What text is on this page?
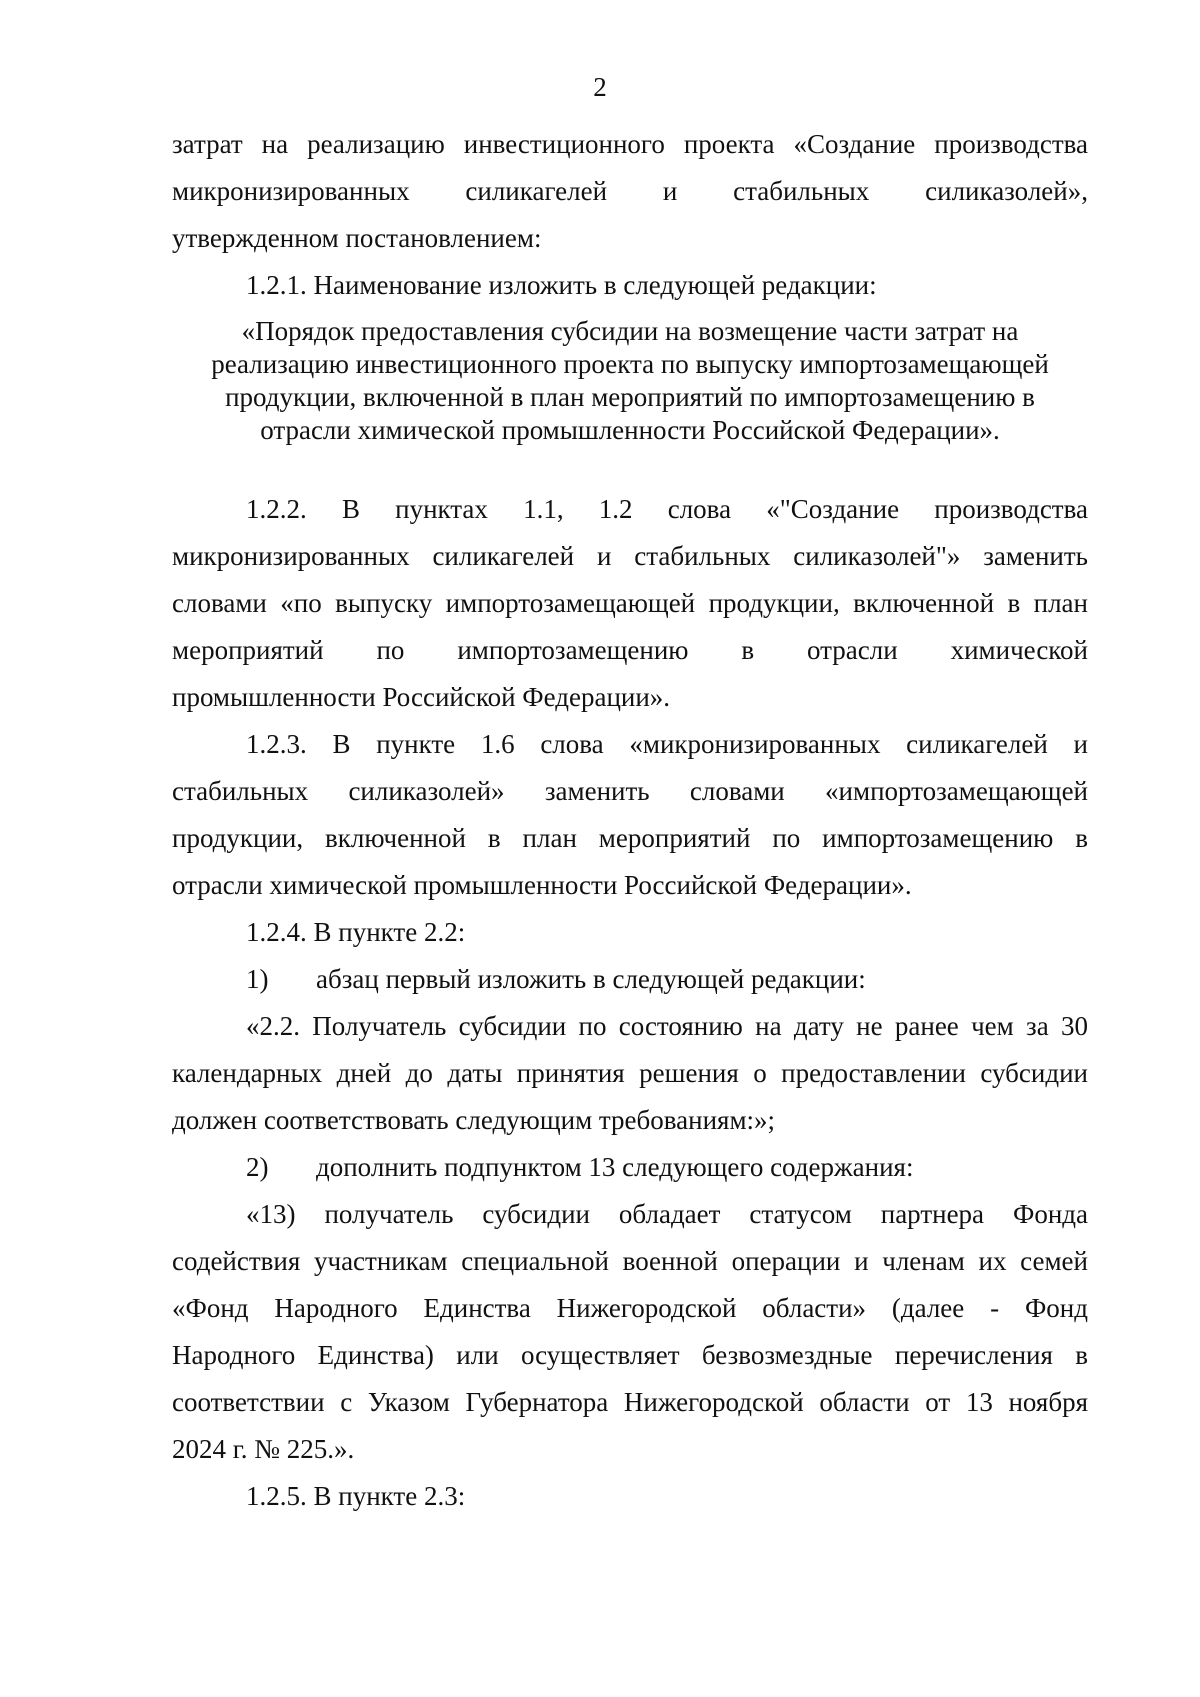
2

затрат на реализацию инвестиционного проекта «Создание производства

микронизированных силикагелей и стабильных силиказолей»,

утвержденном постановлением:

1.2.1. Наименование изложить в следующей редакции:

«Порядок предоставления субсидии на возмещение части затрат на

реализацию инвестиционного проекта по выпуску импортозамещающей

продукции, включенной в план мероприятий по импортозамещению в

отрасли химической промышленности Российской Федерации».

1.2.2. В пунктах 1.1, 1.2 слова «"Создание производства

микронизированных силикагелей и стабильных силиказолей"» заменить

словами «по выпуску импортозамещающей продукции, включенной в план

мероприятий по импортозамещению в отрасли химической

промышленности Российской Федерации».

1.2.3. В пункте 1.6 слова «микронизированных силикагелей и

стабильных силиказолей» заменить словами «импортозамещающей

продукции, включенной в план мероприятий по импортозамещению в

отрасли химической промышленности Российской Федерации».

1.2.4. В пункте 2.2:

1) абзац первый изложить в следующей редакции:

«2.2. Получатель субсидии по состоянию на дату не ранее чем за 30

календарных дней до даты принятия решения о предоставлении субсидии

должен соответствовать следующим требованиям:»;

2) дополнить подпунктом 13 следующего содержания:

«13) получатель субсидии обладает статусом партнера Фонда

содействия участникам специальной военной операции и членам их семей

«Фонд Народного Единства Нижегородской области» (далее - Фонд

Народного Единства) или осуществляет безвозмездные перечисления в

соответствии с Указом Губернатора Нижегородской области от 13 ноября

2024 г. № 225.».

1.2.5. В пункте 2.3:
